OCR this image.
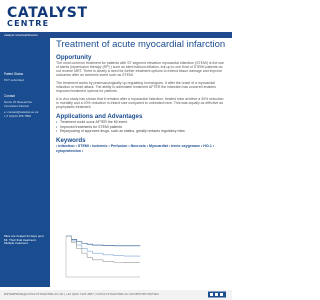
CATALYST
CENTRE
catalyst.ncsuhealthcentre
Patent Status
PCT submitted
Contact
Name Of Researcher
Innovation Director
e: contact@catalyst.ac.uk
t: 0 (0)123 456 7890
Mice are treated 24 days post MI. Their final treatment. Multiple treatment.
Treatment of acute myocardial infarction
Opportunity

The most common treatment for patients with ST segment elevation myocardial infarction (STEMI) is the use of stents (reperfusion therapy (RP) ) such as stent balloon inflation, but up to one third of STEMI patients do not receive MRT. There is clearly a need for further treatment options to extend tissue damage and improve outcomes after an ischemic event such as STEMI.

The treatment works by pharmacologically up-regulating homologues. It after the onset of a myocardial infarction or heart attack. The ability to administer treatment AFTER the infarction has occurred enables improved treatment options for patients.

A in vivo study has shown that it remains after a myocardial infarction, treated mice achieve a 30% reduction in mortality and a 20% reduction in infarct size compared to untreated mice. This was equally as effective as prophylactic treatment.

Applications and Advantages
• Treatment could occur AFTER the MI event
• Improved treatments for STEMI patients
• Repurposing of approved drugs, such as statins, greatly reduces regulatory risks
Keywords
• infarction • STEMI • Ischemic • Perfusion • Necrosis • Myocardial • heme oxygenase • HO-1 • cytoprotection •
ENTERPRISE@CATALYSTCENTRE.AC.UK | +44 (0)20 7123 4567 | CATALYSTCENTRE.AC.UK/OPPORTUNITIES
